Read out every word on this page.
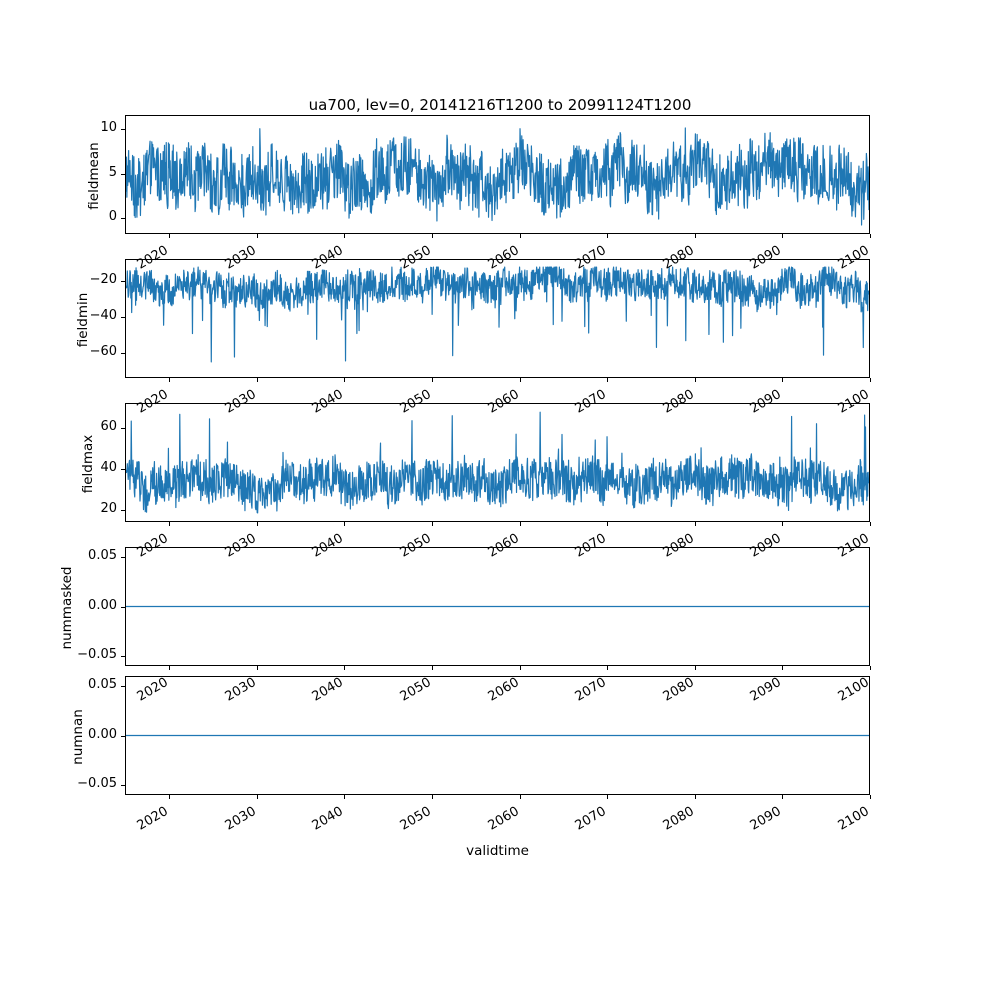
ua700, lev=0, 20141216T1200 to 20991124T1200
fieldmean
fieldmin
fieldmax
nummasked
numnan
validtime
0
5
10
2020	2030	2040	2050	2060	2070	2080	2090	2100
−60
−40
−20
2020	2030	2040	2050	2060	2070	2080	2090	2100
20
40
60
2020	2030	2040	2050	2060	2070	2080	2090	2100
−0.05
0.00
0.05
2020	2030	2040	2050	2060	2070	2080	2090	2100
−0.05
0.00
0.05
2020	2030	2040	2050	2060	2070	2080	2090	2100
